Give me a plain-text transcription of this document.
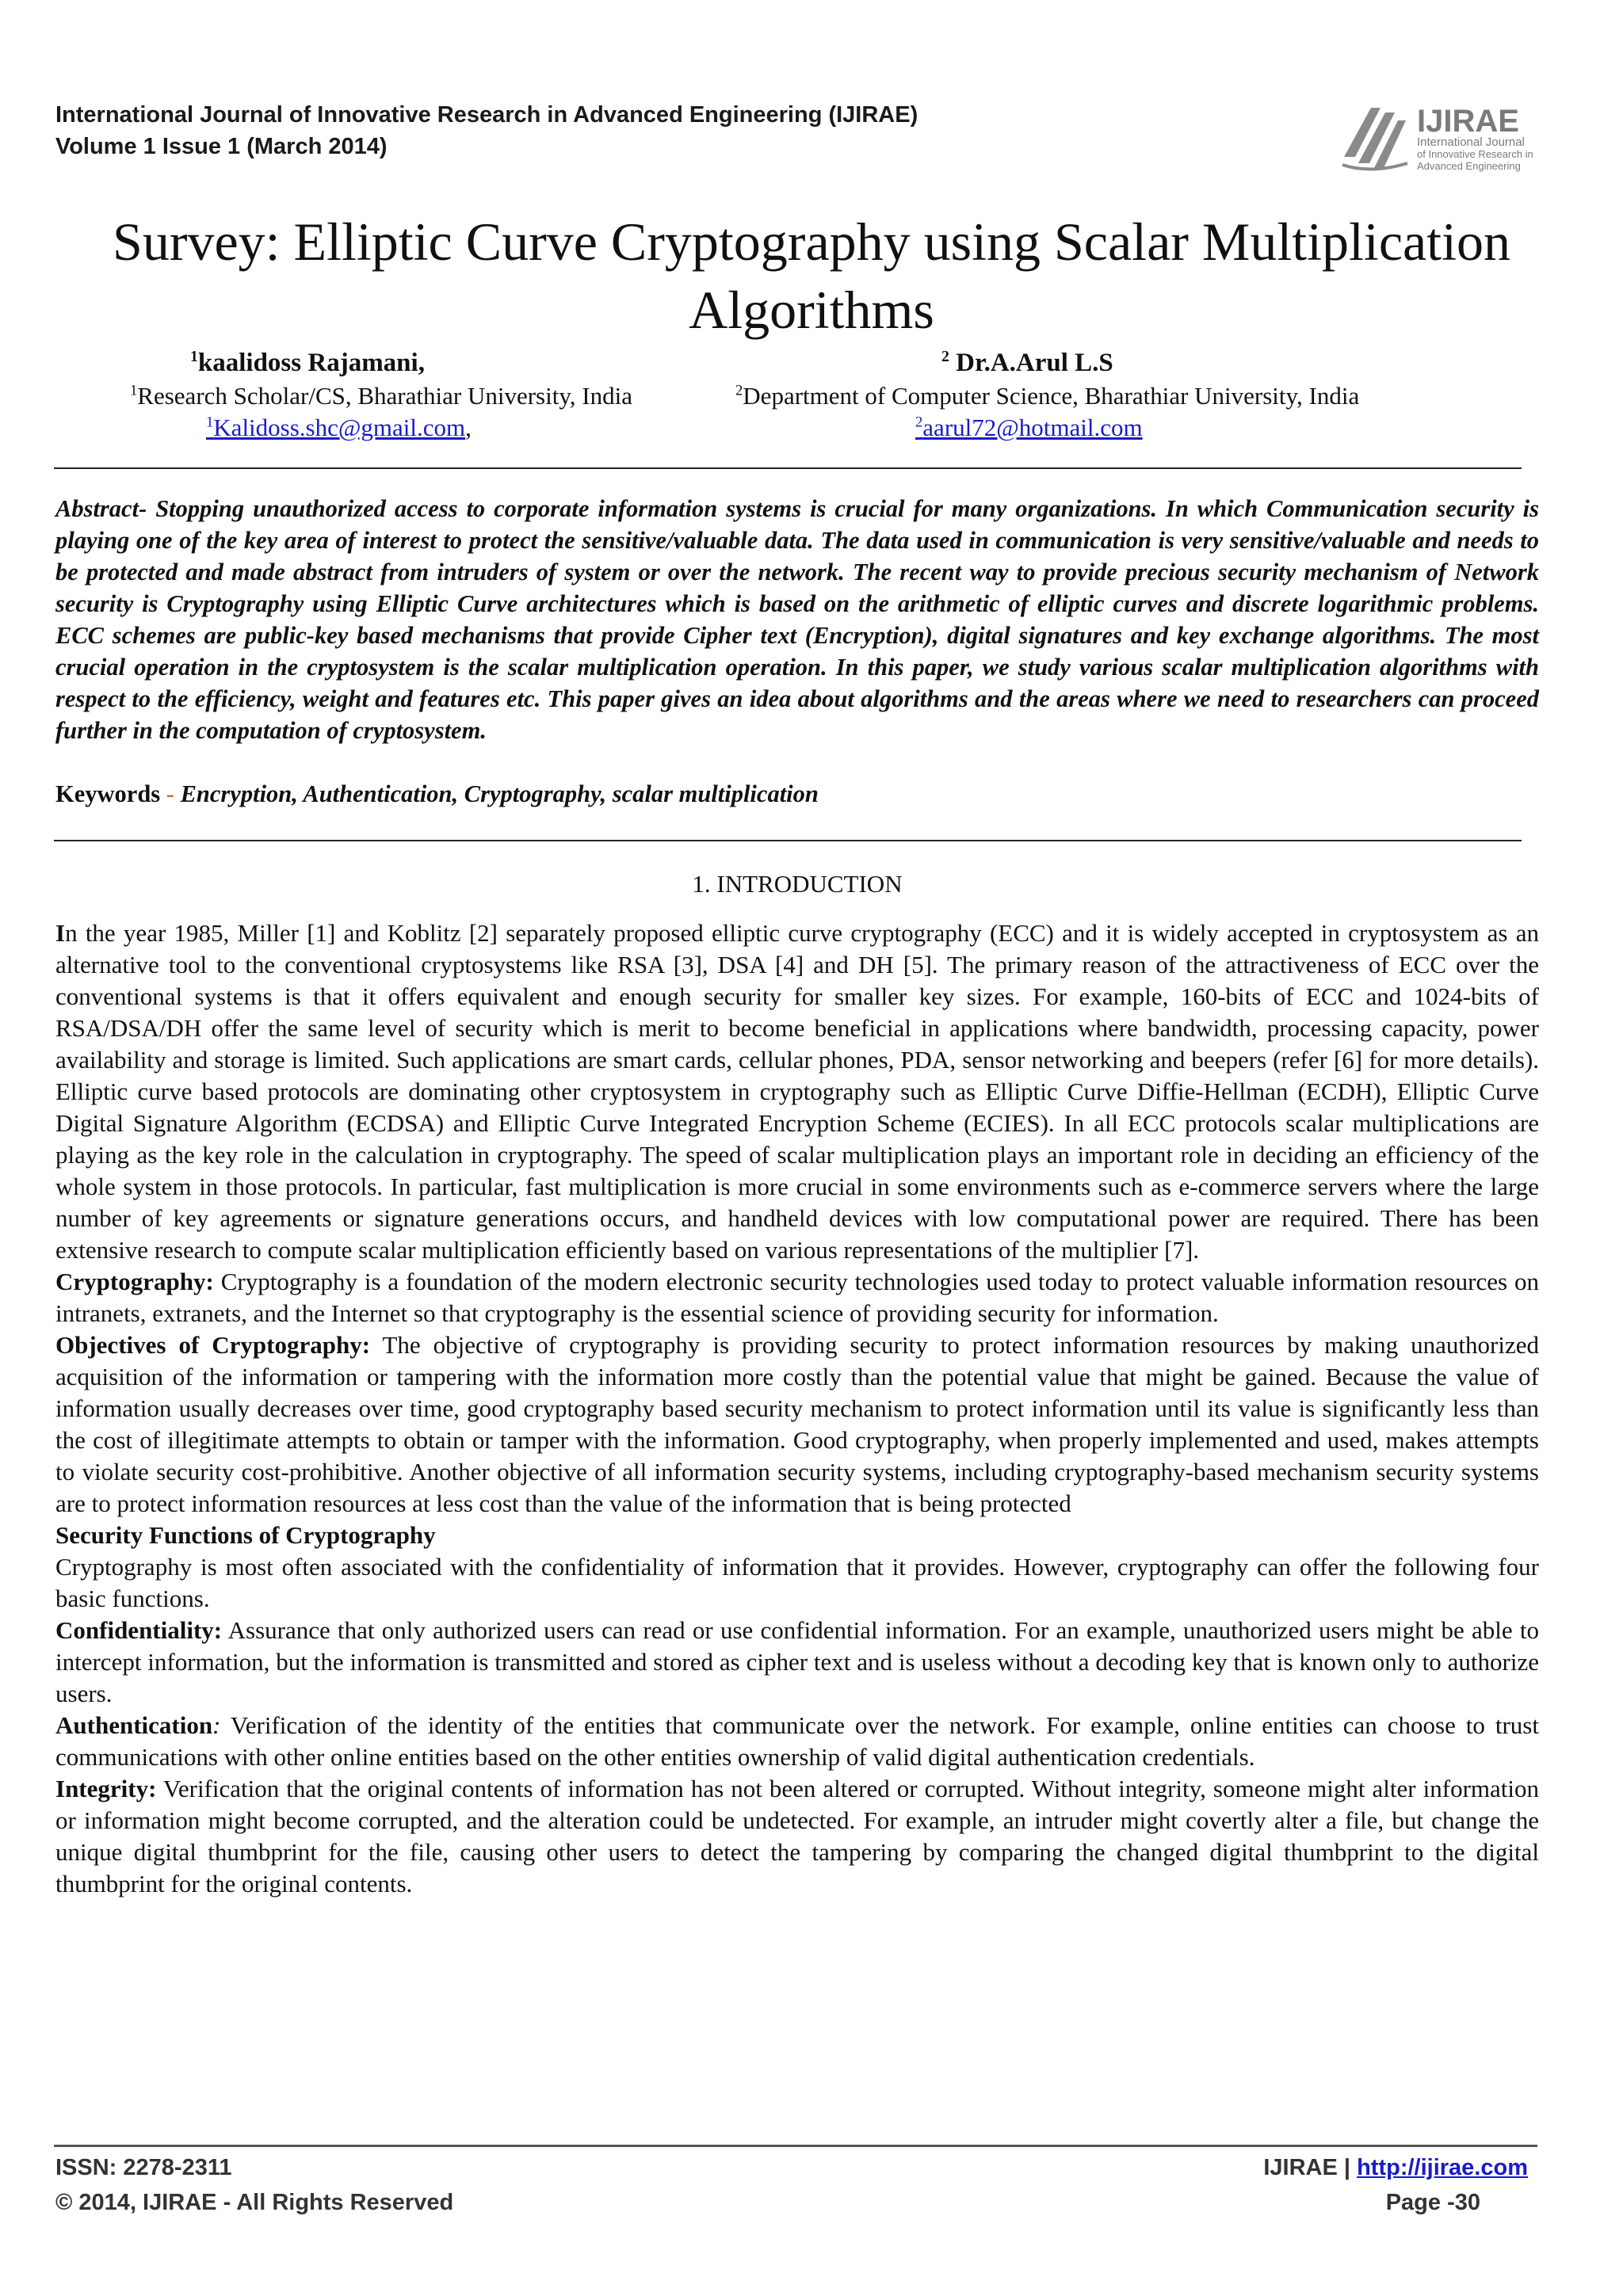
International Journal of Innovative Research in Advanced Engineering (IJIRAE)
Volume 1 Issue 1 (March 2014)
IJIRAE
International Journal
of Innovative Research in
Advanced Engineering
Survey: Elliptic Curve Cryptography using Scalar Multiplication
Algorithms
$^1$kaalidoss Rajamani,	$^2$ Dr.A.Arul L.S
$^1$Research Scholar/CS, Bharathiar University, India	$^2$Department of Computer Science, Bharathiar University, India
$^1$Kalidoss.shc@gmail.com,	$^2$aarul72@hotmail.com
Abstract- Stopping unauthorized access to corporate information systems is crucial for many organizations. In which Communication security is playing one of the key area of interest to protect the sensitive/valuable data. The data used in communication is very sensitive/valuable and needs to be protected and made abstract from intruders of system or over the network. The recent way to provide precious security mechanism of Network security is Cryptography using Elliptic Curve architectures which is based on the arithmetic of elliptic curves and discrete logarithmic problems. ECC schemes are public-key based mechanisms that provide Cipher text (Encryption), digital signatures and key exchange algorithms. The most crucial operation in the cryptosystem is the scalar multiplication operation. In this paper, we study various scalar multiplication algorithms with respect to the efficiency, weight and features etc. This paper gives an idea about algorithms and the areas where we need to researchers can proceed further in the computation of cryptosystem.
Keywords - Encryption, Authentication, Cryptography, scalar multiplication
1. INTRODUCTION

In the year 1985, Miller [1] and Koblitz [2] separately proposed elliptic curve cryptography (ECC) and it is widely accepted in cryptosystem as an alternative tool to the conventional cryptosystems like RSA [3], DSA [4] and DH [5]. The primary reason of the attractiveness of ECC over the conventional systems is that it offers equivalent and enough security for smaller key sizes. For example, 160-bits of ECC and 1024-bits of RSA/DSA/DH offer the same level of security which is merit to become beneficial in applications where bandwidth, processing capacity, power availability and storage is limited. Such applications are smart cards, cellular phones, PDA, sensor networking and beepers (refer [6] for more details). Elliptic curve based protocols are dominating other cryptosystem in cryptography such as Elliptic Curve Diffie-Hellman (ECDH), Elliptic Curve Digital Signature Algorithm (ECDSA) and Elliptic Curve Integrated Encryption Scheme (ECIES). In all ECC protocols scalar multiplications are playing as the key role in the calculation in cryptography. The speed of scalar multiplication plays an important role in deciding an efficiency of the whole system in those protocols. In particular, fast multiplication is more crucial in some environments such as e-commerce servers where the large number of key agreements or signature generations occurs, and handheld devices with low computational power are required. There has been extensive research to compute scalar multiplication efficiently based on various representations of the multiplier [7].

Cryptography: Cryptography is a foundation of the modern electronic security technologies used today to protect valuable information resources on intranets, extranets, and the Internet so that cryptography is the essential science of providing security for information.

Objectives of Cryptography: The objective of cryptography is providing security to protect information resources by making unauthorized acquisition of the information or tampering with the information more costly than the potential value that might be gained. Because the value of information usually decreases over time, good cryptography based security mechanism to protect information until its value is significantly less than the cost of illegitimate attempts to obtain or tamper with the information. Good cryptography, when properly implemented and used, makes attempts to violate security cost-prohibitive. Another objective of all information security systems, including cryptography-based mechanism security systems are to protect information resources at less cost than the value of the information that is being protected

Security Functions of Cryptography

Cryptography is most often associated with the confidentiality of information that it provides. However, cryptography can offer the following four basic functions.

Confidentiality: Assurance that only authorized users can read or use confidential information. For an example, unauthorized users might be able to intercept information, but the information is transmitted and stored as cipher text and is useless without a decoding key that is known only to authorize users.

Authentication: Verification of the identity of the entities that communicate over the network. For example, online entities can choose to trust communications with other online entities based on the other entities ownership of valid digital authentication credentials.

Integrity: Verification that the original contents of information has not been altered or corrupted. Without integrity, someone might alter information or information might become corrupted, and the alteration could be undetected. For example, an intruder might covertly alter a file, but change the unique digital thumbprint for the file, causing other users to detect the tampering by comparing the changed digital thumbprint to the digital thumbprint for the original contents.

ISSN: 2278-2311
© 2014, IJIRAE - All Rights Reserved
IJIRAE | http://ijirae.com
Page -30
